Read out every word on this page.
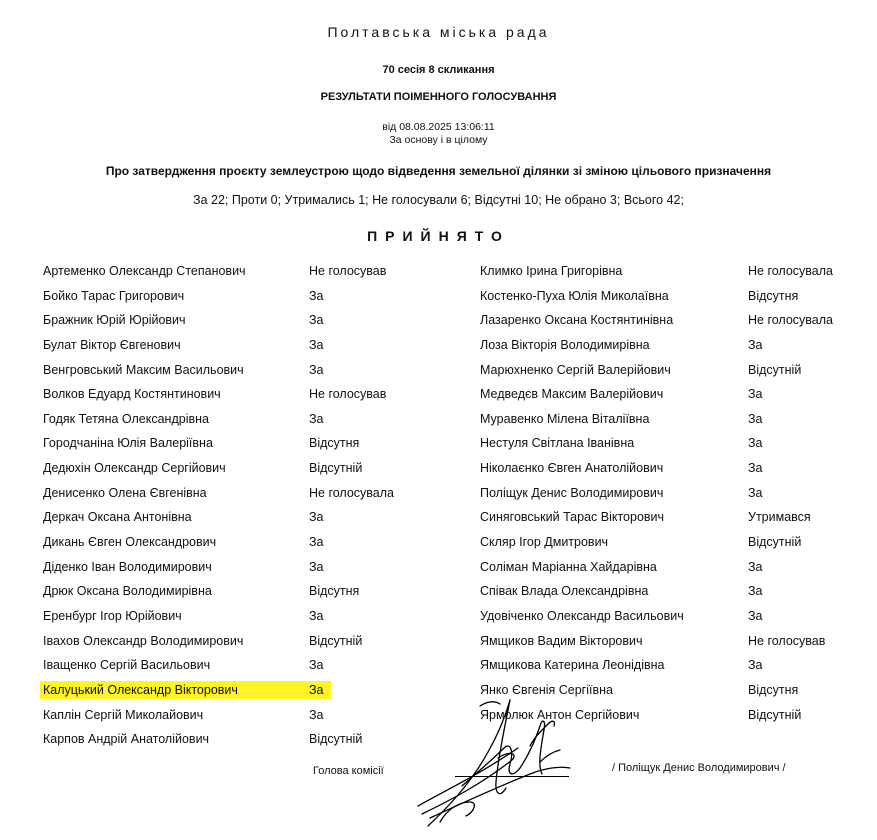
Полтавська міська рада
70 сесія 8 скликання
РЕЗУЛЬТАТИ ПОІМЕННОГО ГОЛОСУВАННЯ
від 08.08.2025 13:06:11
За основу і в цілому
Про затвердження проєкту землеустрою щодо відведення земельної ділянки зі зміною цільового призначення
За 22; Проти 0; Утримались 1; Не голосували 6; Відсутні 10; Не обрано 3; Всього 42;
ПРИЙНЯТО
Артеменко Олександр Степанович	Не голосував
Бойко Тарас Григорович	За
Бражник Юрій Юрійович	За
Булат Віктор Євгенович	За
Венгровський Максим Васильович	За
Волков Едуард Костянтинович	Не голосував
Годяк Тетяна Олександрівна	За
Городчаніна Юлія Валеріївна	Відсутня
Дедюхін Олександр Сергійович	Відсутній
Денисенко Олена Євгенівна	Не голосувала
Деркач Оксана Антонівна	За
Дикань Євген Олександрович	За
Діденко Іван Володимирович	За
Дрюк Оксана Володимирівна	Відсутня
Еренбург Ігор Юрійович	За
Івахов Олександр Володимирович	Відсутній
Іващенко Сергій Васильович	За
Калуцький Олександр Вікторович	За
Каплін Сергій Миколайович	За
Карпов Андрій Анатолійович	Відсутній
Климко Ірина Григорівна	Не голосувала
Костенко-Пуха Юлія Миколаївна	Відсутня
Лазаренко Оксана Костянтинівна	Не голосувала
Лоза Вікторія Володимирівна	За
Марюхненко Сергій Валерійович	Відсутній
Медведєв Максим Валерійович	За
Муравенко Мілена Віталіївна	За
Нестуля Світлана Іванівна	За
Ніколаєнко Євген Анатолійович	За
Поліщук Денис Володимирович	За
Синяговський Тарас Вікторович	Утримався
Скляр Ігор Дмитрович	Відсутній
Соліман Маріанна Хайдарівна	За
Співак Влада Олександрівна	За
Удовіченко Олександр Васильович	За
Ямщиков Вадим Вікторович	Не голосував
Ямщикова Катерина Леонідівна	За
Янко Євгенія Сергіївна	Відсутня
Ярмолюк Антон Сергійович	Відсутній
Голова комісії	/ Поліщук Денис Володимирович /
